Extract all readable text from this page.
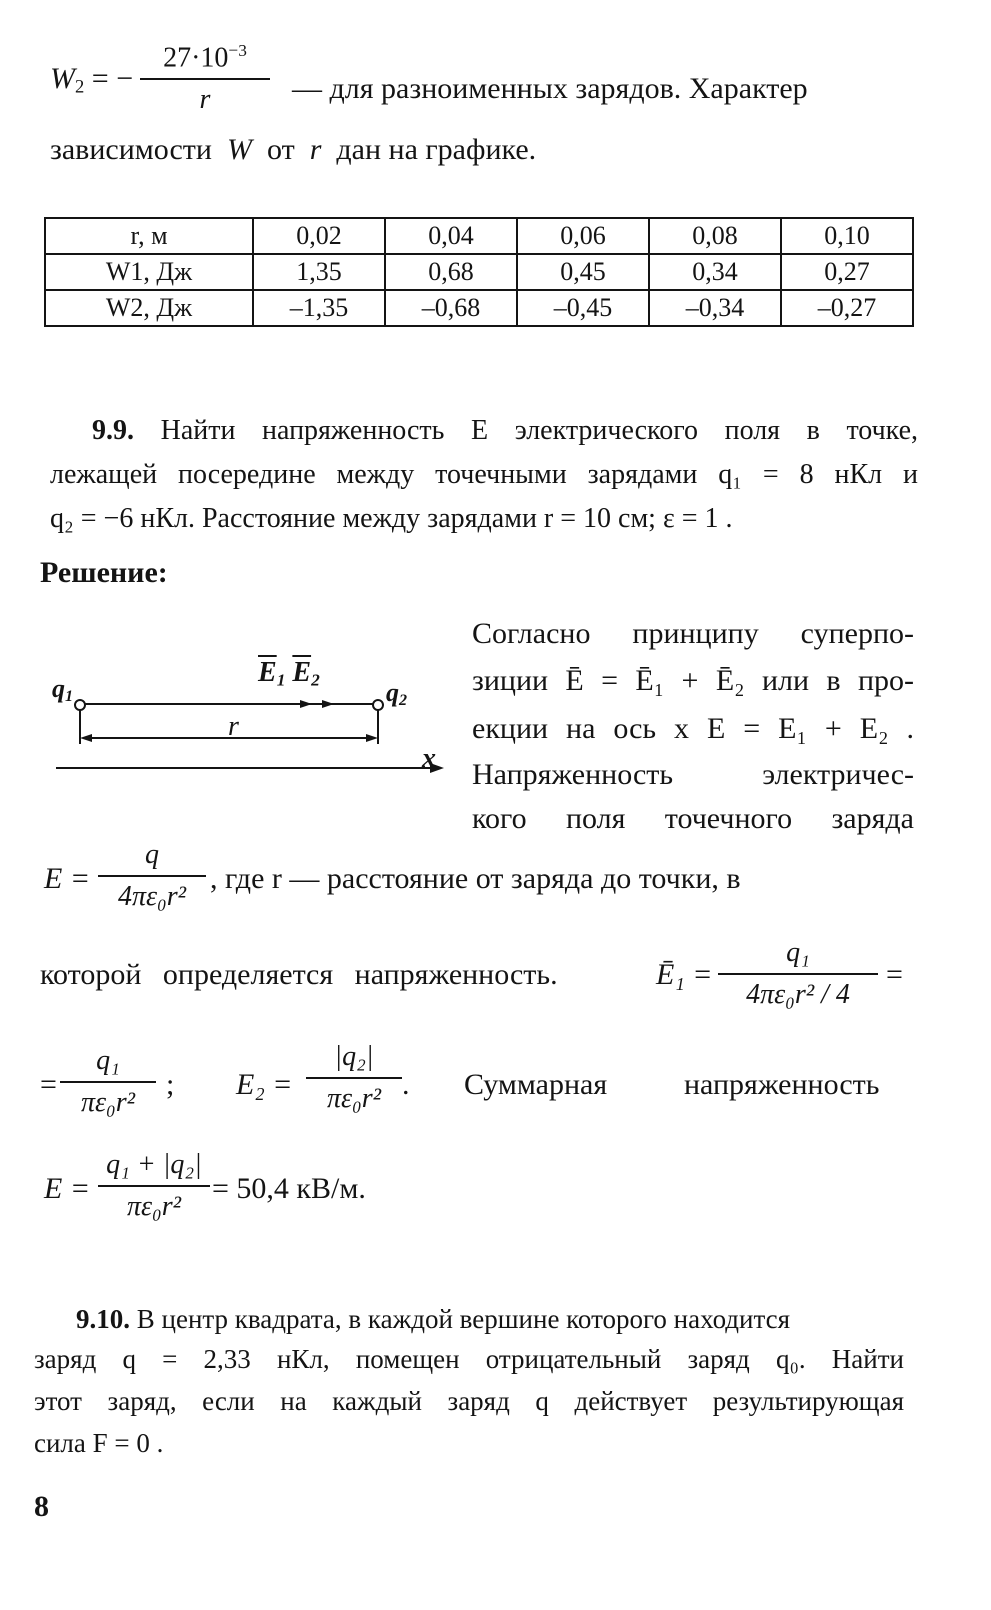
$W_2$ = −
$27\cdot 10^{-3}$
r	— для разноименных зарядов. Характер
зависимости W от r дан на графике.
r, м	0,02	0,04	0,06	0,08	0,10
W1, Дж	1,35	0,68	0,45	0,34	0,27
W2, Дж	–1,35	–0,68	–0,45	–0,34	–0,27
9.9. Найти напряженность E электрического поля в точке,
лежащей посередине между точечными зарядами q₁ = 8 нКл и
q₂ = −6 нКл. Расстояние между зарядами r = 10 см; ε = 1 .
Решение:
$q_1$	$q_2$
$\overline{E}_1$ $\overline{E}_2$
r
x
Согласно принципу суперпо-
зиции Ē = Ē₁ + Ē₂ или в про-
екции на ось x E = E₁ + E₂ .
Напряженность электричес-
кого поля точечного заряда
E =
q
4πε₀r²
, где r — расстояние от заряда до точки, в
которой определяется напряженность.	Ē₁ =
q₁
4πε₀r² / 4
=
=
q₁
πε₀r²
; E₂ =
|q₂|
πε₀r² . Суммарная	напряженность
E =
q₁ + |q₂|
πε₀r²
= 50,4 кВ/м.
9.10. В центр квадрата, в каждой вершине которого находится
заряд q = 2,33 нКл, помещен отрицательный заряд q₀. Найти
этот заряд, если на каждый заряд q действует результирующая
сила F = 0 .
8
